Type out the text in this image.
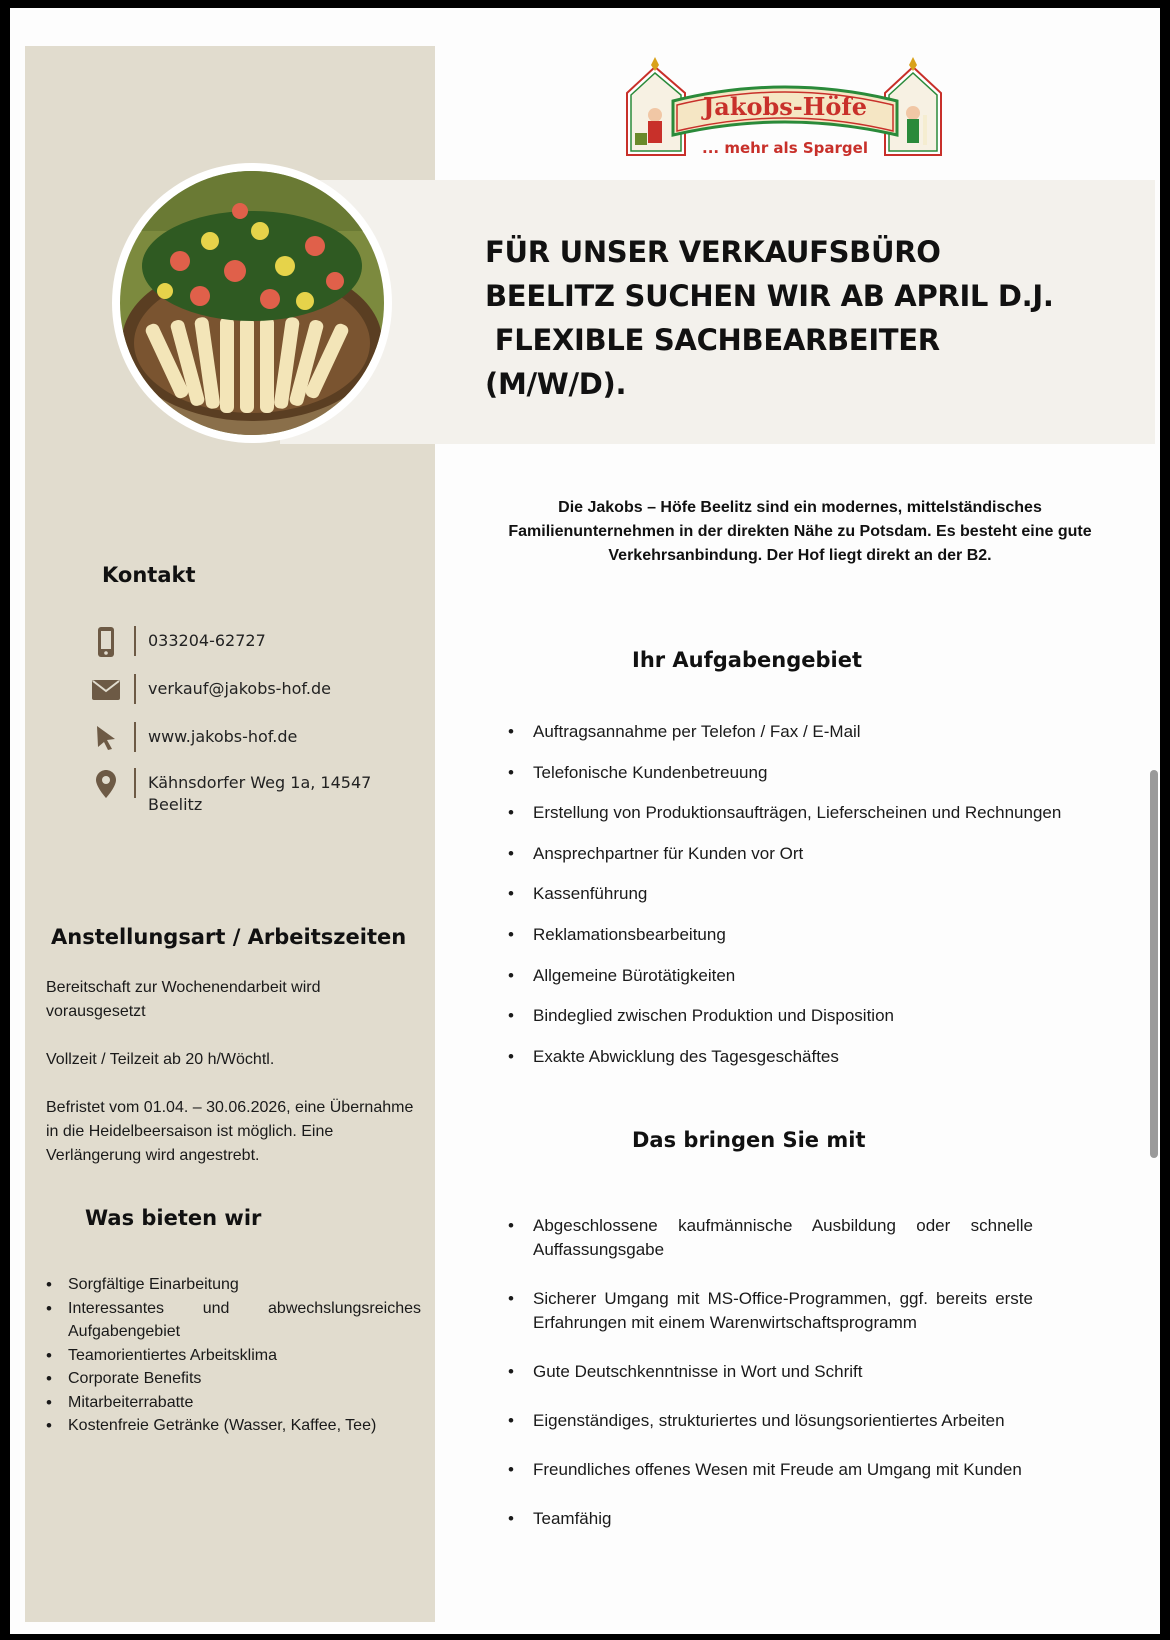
Jakobs-Höfe
... mehr als Spargel
FÜR UNSER VERKAUFSBÜRO
BEELITZ SUCHEN WIR AB APRIL D.J.
FLEXIBLE SACHBEARBEITER
(M/W/D).

Die Jakobs – Höfe Beelitz sind ein modernes, mittelständisches Familienunternehmen in der direkten Nähe zu Potsdam. Es besteht eine gute Verkehrsanbindung. Der Hof liegt direkt an der B2.

Kontakt
033204-62727
verkauf@jakobs-hof.de
www.jakobs-hof.de
Kähnsdorfer Weg 1a, 14547 Beelitz
Anstellungsart / Arbeitszeiten

Bereitschaft zur Wochenendarbeit wird vorausgesetzt

Vollzeit / Teilzeit ab 20 h/Wöchtl.

Befristet vom 01.04. – 30.06.2026, eine Übernahme in die Heidelbeersaison ist möglich. Eine Verlängerung wird angestrebt.

Was bieten wir
• Sorgfältige Einarbeitung
• Interessantes und abwechslungsreiches Aufgabengebiet
• Teamorientiertes Arbeitsklima
• Corporate Benefits
• Mitarbeiterrabatte
• Kostenfreie Getränke (Wasser, Kaffee, Tee)
Ihr Aufgabengebiet
• Auftragsannahme per Telefon / Fax / E-Mail
• Telefonische Kundenbetreuung
• Erstellung von Produktionsaufträgen, Lieferscheinen und Rechnungen
• Ansprechpartner für Kunden vor Ort
• Kassenführung
• Reklamationsbearbeitung
• Allgemeine Bürotätigkeiten
• Bindeglied zwischen Produktion und Disposition
• Exakte Abwicklung des Tagesgeschäftes
Das bringen Sie mit
• Abgeschlossene kaufmännische Ausbildung oder schnelle Auffassungsgabe
• Sicherer Umgang mit MS-Office-Programmen, ggf. bereits erste Erfahrungen mit einem Warenwirtschaftsprogramm
• Gute Deutschkenntnisse in Wort und Schrift
• Eigenständiges, strukturiertes und lösungsorientiertes Arbeiten
• Freundliches offenes Wesen mit Freude am Umgang mit Kunden
• Teamfähig
